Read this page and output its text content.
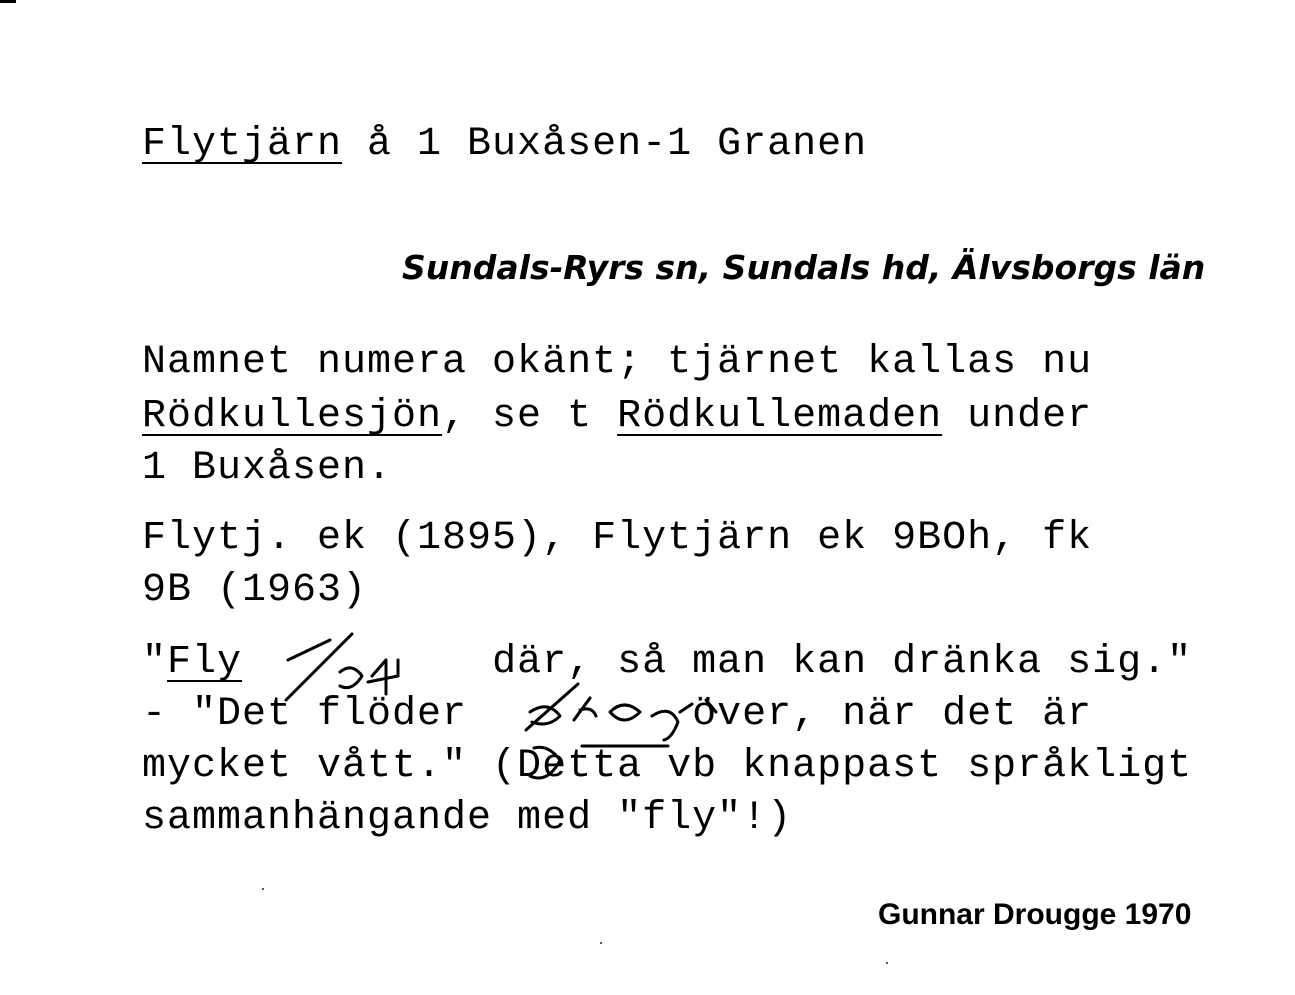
Flytjärn å 1 Buxåsen-1 Granen
Sundals-Ryrs sn, Sundals hd, Älvsborgs län
Namnet numera okänt; tjärnet kallas nu
Rödkullesjön, se t Rödkullemaden under
1 Buxåsen.
Flytj. ek (1895), Flytjärn ek 9BOh, fk
9B (1963)
"Fly          där, så man kan dränka sig."
- "Det flöder         över, när det är
mycket vått." (Detta vb knappast språkligt
sammanhängande med "fly"!)
Gunnar Drougge 1970
